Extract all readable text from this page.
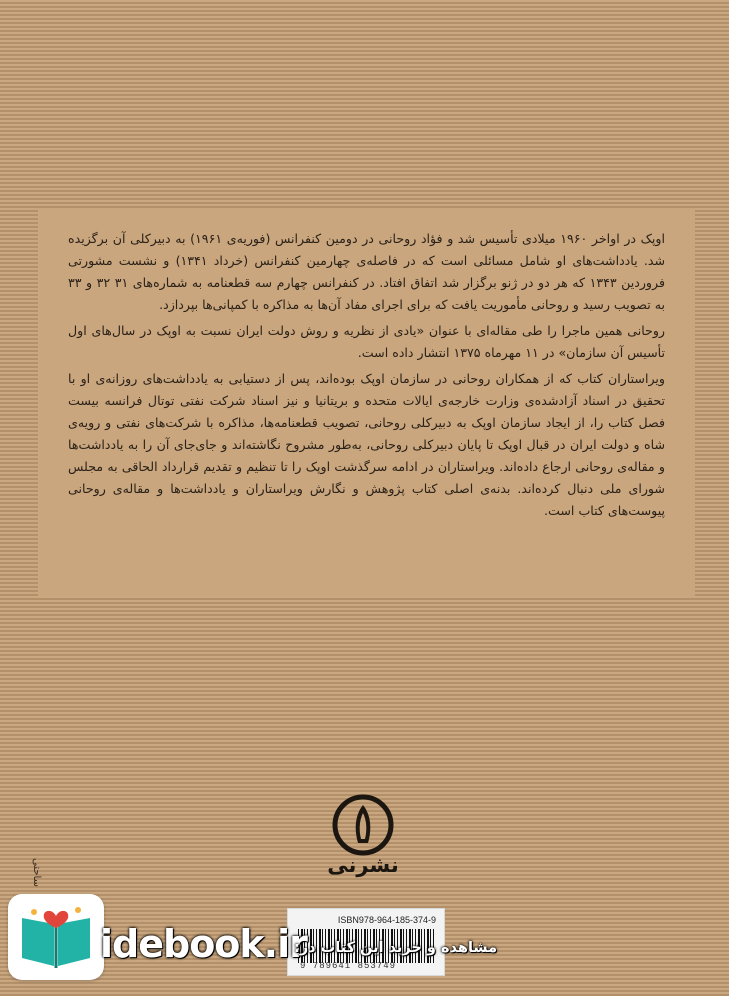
اوپک در اواخر ۱۹۶۰ میلادی تأسیس شد و فؤاد روحانی در دومین کنفرانس (فوریه‌ی ۱۹۶۱) به دبیرکلی آن برگزیده شد. یادداشت‌های او شامل مسائلی است که در فاصله‌ی چهارمین کنفرانس (خرداد ۱۳۴۱) و نشست مشورتی فروردین ۱۳۴۳ که هر دو در ژنو برگزار شد اتفاق افتاد. در کنفرانس چهارم سه قطعنامه به شماره‌های ۳۱ ۳۲ و ۳۳ به تصویب رسید و روحانی مأموریت یافت که برای اجرای مفاد آن‌ها به مذاکره با کمپانی‌ها بپردازد.

روحانی همین ماجرا را طی مقاله‌ای با عنوان «یادی از نظریه و روش دولت ایران نسبت به اوپک در سال‌های اول تأسیس آن سازمان» در ۱۱ مهرماه ۱۳۷۵ انتشار داده است.

ویراستاران کتاب که از همکاران روحانی در سازمان اوپک بوده‌اند، پس از دستیابی به یادداشت‌های روزانه‌ی او با تحقیق در اسناد آزادشده‌ی وزارت خارجه‌ی ایالات متحده و بریتانیا و نیز اسناد شرکت نفتی توتال فرانسه بیست فصل کتاب را، از ایجاد سازمان اوپک به دبیرکلی روحانی، تصویب قطعنامه‌ها، مذاکره با شرکت‌های نفتی و رویه‌ی شاه و دولت ایران در قبال اوپک تا پایان دبیرکلی روحانی، به‌طور مشروح نگاشته‌اند و جای‌جای آن را به یادداشت‌ها و مقاله‌ی روحانی ارجاع داده‌اند. ویراستاران در ادامه سرگذشت اوپک را تا تنظیم و تقدیم قرارداد الحاقی به مجلس شورای ملی دنبال کرده‌اند. بدنه‌ی اصلی کتاب پژوهش و نگارش ویراستاران و یادداشت‌ها و مقاله‌ی روحانی پیوست‌های کتاب است.

نشرنی
ساحتی
ISBN978-964-185-374-9
9 789641 853749
idebook.ir
مشاهده و خرید این کتاب در:
